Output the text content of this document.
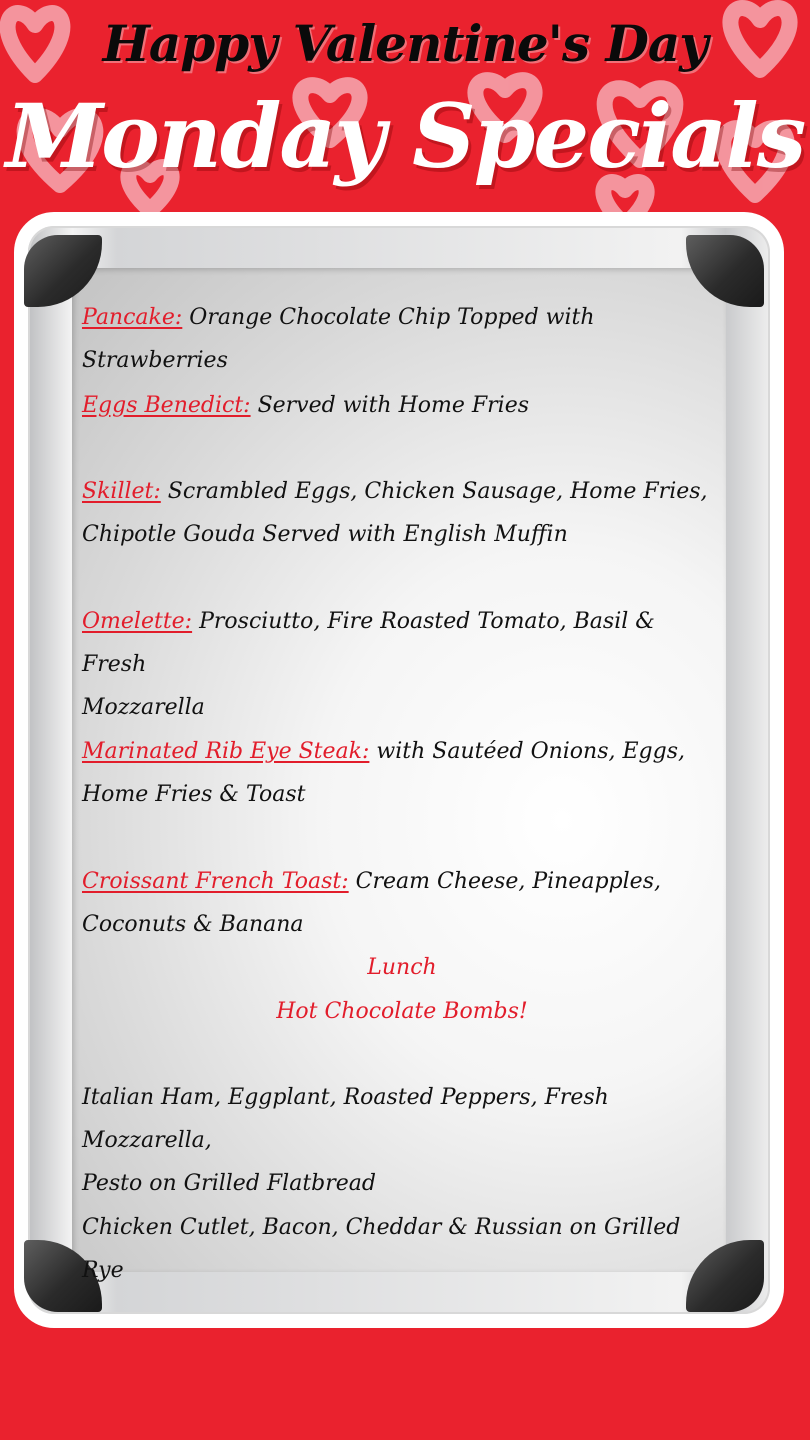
Happy Valentine's Day
Monday Specials
Pancake: Orange Chocolate Chip Topped with Strawberries
Eggs Benedict: Served with Home Fries
Skillet: Scrambled Eggs, Chicken Sausage, Home Fries,
Chipotle Gouda Served with English Muffin
Omelette: Prosciutto, Fire Roasted Tomato, Basil & Fresh
Mozzarella
Marinated Rib Eye Steak: with Sautéed Onions, Eggs,
Home Fries & Toast
Croissant French Toast: Cream Cheese, Pineapples,
Coconuts & Banana
Lunch
Hot Chocolate Bombs!
Italian Ham, Eggplant, Roasted Peppers, Fresh Mozzarella,
Pesto on Grilled Flatbread
Chicken Cutlet, Bacon, Cheddar & Russian on Grilled Rye
